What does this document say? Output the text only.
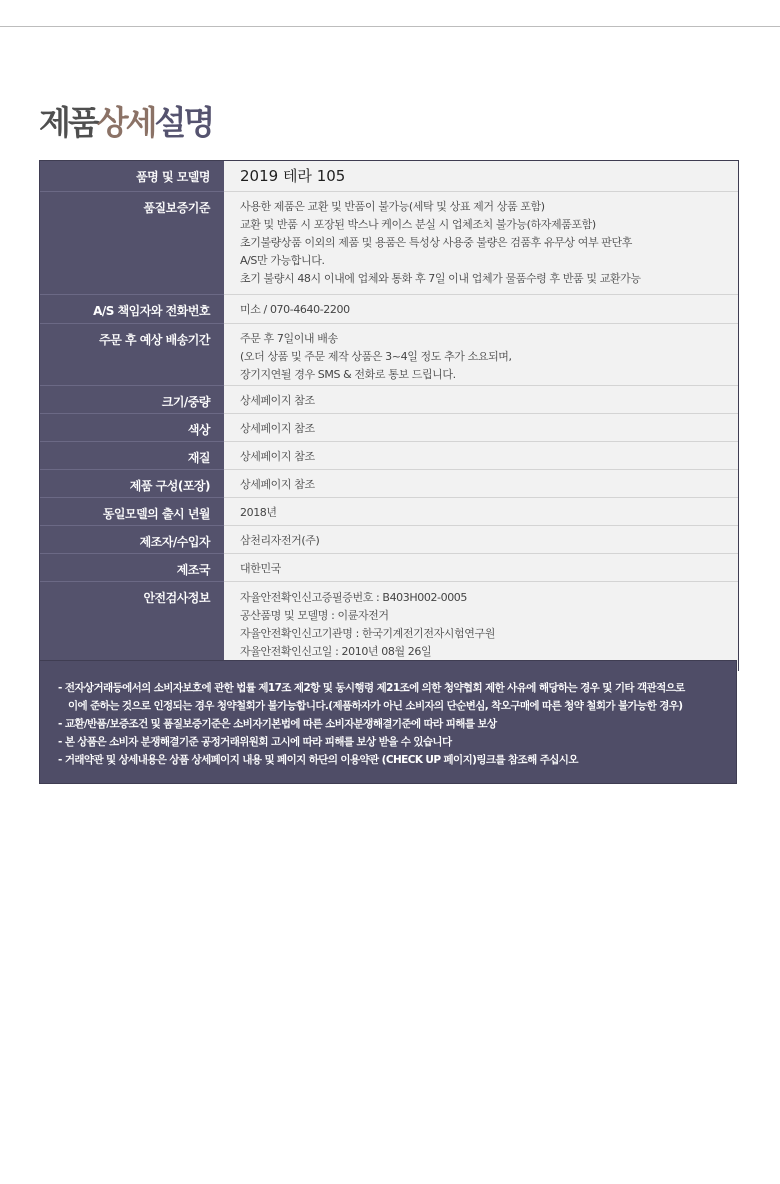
제품상세설명
품명 및 모델명	2019 테라 105
품질보증기준	사용한 제품은 교환 및 반품이 불가능(세탁 및 상표 제거 상품 포함)
교환 및 반품 시 포장된 박스나 케이스 분실 시 업체조치 불가능(하자제품포함)
초기불량상품 이외의 제품 및 용품은 특성상 사용중 불량은 검품후 유무상 여부 판단후
A/S만 가능합니다.
초기 불량시 48시 이내에 업체와 통화 후 7일 이내 업체가 물품수령 후 반품 및 교환가능
A/S 책임자와 전화번호	미소 / 070-4640-2200
주문 후 예상 배송기간	주문 후 7일이내 배송
(오더 상품 및 주문 제작 상품은 3~4일 정도 추가 소요되며,
장기지연될 경우 SMS & 전화로 통보 드립니다.
크기/중량	상세페이지 참조
색상	상세페이지 참조
재질	상세페이지 참조
제품 구성(포장)	상세페이지 참조
동일모델의 출시 년월	2018년
제조자/수입자	삼천리자전거(주)
제조국	대한민국
안전검사정보	자율안전확인신고증필증번호 : B403H002-0005
공산품명 및 모델명 : 이륜자전거
자율안전확인신고기관명 : 한국기계전기전자시험연구원
자율안전확인신고일 : 2010년 08월 26일
- 전자상거래등에서의 소비자보호에 관한 법률 제17조 제2항 및 동시행령 제21조에 의한 청약협회 제한 사유에 해당하는 경우 및 기타 객관적으로
이에 준하는 것으로 인정되는 경우 청약철회가 불가능합니다.(제품하자가 아닌 소비자의 단순변심, 착오구매에 따른 청약 철회가 불가능한 경우)
- 교환/반품/보증조건 및 품질보증기준은 소비자기본법에 따른 소비자분쟁해결기준에 따라 피해를 보상
- 본 상품은 소비자 분쟁해결기준 공정거래위원회 고시에 따라 피해를 보상 받을 수 있습니다
- 거래약관 및 상세내용은 상품 상세페이지 내용 및 페이지 하단의 이용약관 (CHECK UP 페이지)링크를 참조해 주십시오
